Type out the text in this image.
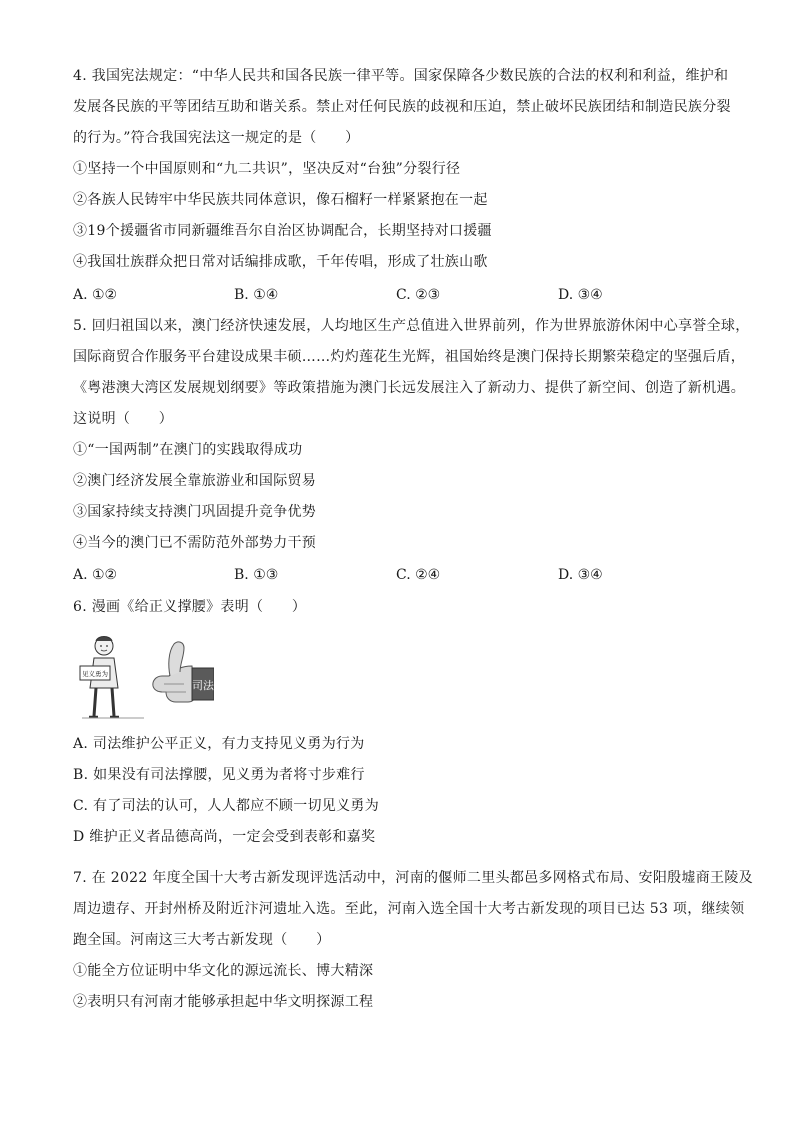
4. 我国宪法规定：“中华人民共和国各民族一律平等。国家保障各少数民族的合法的权利和利益，维护和
发展各民族的平等团结互助和谐关系。禁止对任何民族的歧视和压迫，禁止破坏民族团结和制造民族分裂
的行为。”符合我国宪法这一规定的是（　　）
①坚持一个中国原则和“九二共识”，坚决反对“台独”分裂行径
②各族人民铸牢中华民族共同体意识，像石榴籽一样紧紧抱在一起
③19个援疆省市同新疆维吾尔自治区协调配合，长期坚持对口援疆
④我国壮族群众把日常对话编排成歌，千年传唱，形成了壮族山歌
A. ①②	B. ①④	C. ②③	D. ③④
5. 回归祖国以来，澳门经济快速发展，人均地区生产总值进入世界前列，作为世界旅游休闲中心享誉全球，
国际商贸合作服务平台建设成果丰硕……灼灼莲花生光辉，祖国始终是澳门保持长期繁荣稳定的坚强后盾，
《粤港澳大湾区发展规划纲要》等政策措施为澳门长远发展注入了新动力、提供了新空间、创造了新机遇。
这说明（　　）
①“一国两制”在澳门的实践取得成功
②澳门经济发展全靠旅游业和国际贸易
③国家持续支持澳门巩固提升竞争优势
④当今的澳门已不需防范外部势力干预
A. ①②	B. ①③	C. ②④	D. ③④
6. 漫画《给正义撑腰》表明（　　）
司法
见义勇为
A. 司法维护公平正义，有力支持见义勇为行为
B. 如果没有司法撑腰，见义勇为者将寸步难行
C. 有了司法的认可，人人都应不顾一切见义勇为
D 维护正义者品德高尚，一定会受到表彰和嘉奖
7. 在 2022 年度全国十大考古新发现评选活动中，河南的偃师二里头都邑多网格式布局、安阳殷墟商王陵及
周边遗存、开封州桥及附近汴河遗址入选。至此，河南入选全国十大考古新发现的项目已达 53 项，继续领
跑全国。河南这三大考古新发现（　　）
①能全方位证明中华文化的源远流长、博大精深
②表明只有河南才能够承担起中华文明探源工程
